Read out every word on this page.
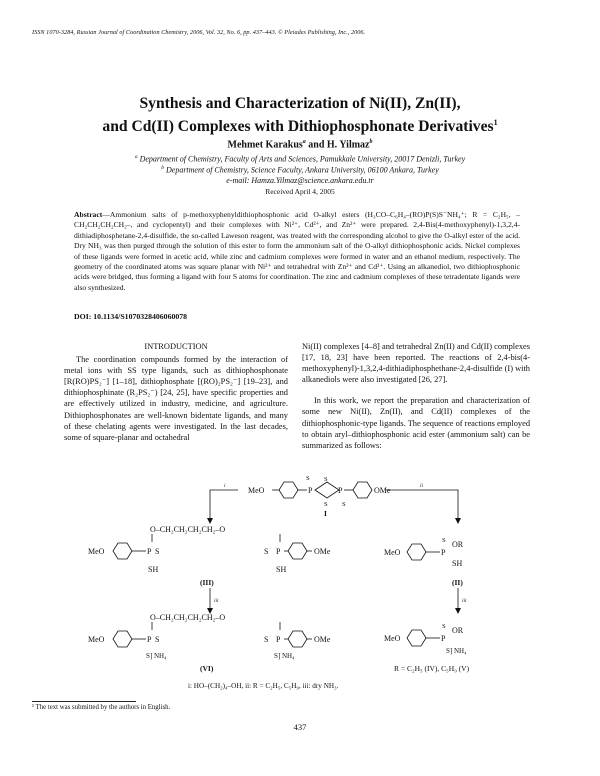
ISSN 1070-3284, Russian Journal of Coordination Chemistry, 2006, Vol. 32, No. 6, pp. 437–443. © Pleiades Publishing, Inc., 2006.
Synthesis and Characterization of Ni(II), Zn(II),
and Cd(II) Complexes with Dithiophosphonate Derivatives$^1$
Mehmet Karakus$^a$ and H. Yilmaz$^b$
$^a$ Department of Chemistry, Faculty of Arts and Sciences, Pamukkale University, 20017 Denizli, Turkey
$^b$ Department of Chemistry, Science Faculty, Ankara University, 06100 Ankara, Turkey
e-mail: Hamza.Yilmaz@science.ankara.edu.tr
Received April 4, 2005
Abstract—Ammonium salts of p-methoxyphenyldithiophosphonic acid O-alkyl esters (H₃CO–C₆H₄–(RO)P(S)S⁻NH₄⁺; R = C₂H₅, –CH₂CH₂CH₂CH₂–, and cyclopentyl) and their complexes with Ni²⁺, Cd²⁺, and Zn²⁺ were prepared. 2,4-Bis(4-methoxyphenyl)-1,3,2,4-dithiadiphosphetane-2,4-disulfide, the so-called Laweson reagent, was treated with the corresponding alcohol to give the O-alkyl ester of the acid. Dry NH₃ was then purged through the solution of this ester to form the ammonium salt of the O-alkyl dithiophosphonic acids. Nickel complexes of these ligands were formed in acetic acid, while zinc and cadmium complexes were formed in water and an ethanol medium, respectively. The geometry of the coordinated atoms was square planar with Ni²⁺ and tetrahedral with Zn²⁺ and Cd²⁺. Using an alkanediol, two dithiophosphonic acids were bridged, thus forming a ligand with four S atoms for coordination. The zinc and cadmium complexes of these tetradentate ligands were also synthesized.
DOI: 10.1134/S1070328406060078
INTRODUCTION

The coordination compounds formed by the interaction of metal ions with SS type ligands, such as dithiophosphonate [R(RO)PS₂⁻] [1–18], dithiophosphate [(RO)₂PS₂⁻] [19–23], and dithiophosphinate (R₂PS₂⁻) [24, 25], have specific properties and are effectively utilized in industry, medicine, and agriculture. Dithiophosphonates are well-known bidentate ligands, and many of these chelating agents were investigated. In the last decades, some of square-planar and octahedral

Ni(II) complexes [4–8] and tetrahedral Zn(II) and Cd(II) complexes [17, 18, 23] have been reported. The reactions of 2,4-bis(4-methoxyphenyl)-1,3,2,4-dithiadiphosphethane-2,4-disulfide (I) with alkanediols were also investigated [26, 27].

In this work, we report the preparation and characterization of some new Ni(II), Zn(II), and Cd(II) complexes of the dithiophosphonic-type ligands. The sequence of reactions employed to obtain aryl–dithiophosphonic acid ester (ammonium salt) can be summarized as follows:

i	ii
iii	iii
MeO	OMe
P	P
S
S
S
S
I
O–CH₂CH₂CH₂CH₂–O
MeO	P S
SH
S P
SH
OMe
(III)
MeO	P
S OR
SH
(II)
O–CH₂CH₂CH₂CH₂–O
MeO	P S
S] NH₄
S P
S] NH₄
OMe
(VI)
MeO	P
S OR
S] NH₄
R = C₂H₅ (IV), C₅H₉ (V)
i: HO–(CH₂)₄–OH, ii: R = C₂H₅, C₅H₉, iii: dry NH₃.
¹ The text was submitted by the authors in English.
437
